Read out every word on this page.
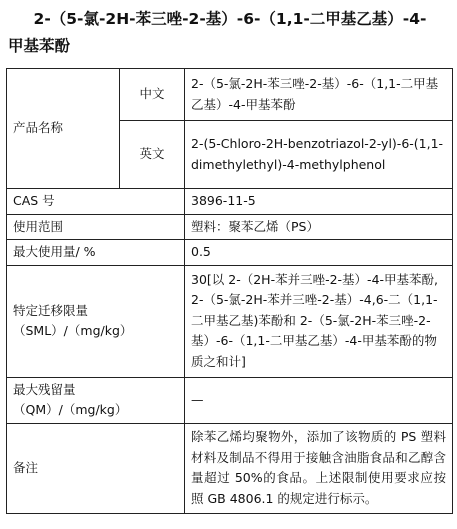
2-（5-氯-2H-苯三唑-2-基）-6-（1,1-二甲基乙基）-4-
甲基苯酚
产品名称	中文	2-（5-氯-2H-苯三唑-2-基）-6-（1,1-二甲基乙基）-4-甲基苯酚
	英文	2-(5-Chloro-2H-benzotriazol-2-yl)-6-(1,1-dimethylethyl)-4-methylphenol
CAS 号		3896-11-5
使用范围		塑料：聚苯乙烯（PS）
最大使用量/ %		0.5

特定迁移限量
（SML）/（mg/kg）		30[以 2-（2H-苯并三唑-2-基）-4-甲基苯酚, 2-（5-氯-2H-苯并三唑-2-基）-4,6-二（1,1-二甲基乙基)苯酚和 2-（5-氯-2H-苯三唑-2-基）-6-（1,1-二甲基乙基）-4-甲基苯酚的物质之和计]

最大残留量
（QM）/（mg/kg）		—
备注		除苯乙烯均聚物外，添加了该物质的 PS 塑料材料及制品不得用于接触含油脂食品和乙醇含量超过 50%的食品。上述限制使用要求应按照 GB 4806.1 的规定进行标示。
